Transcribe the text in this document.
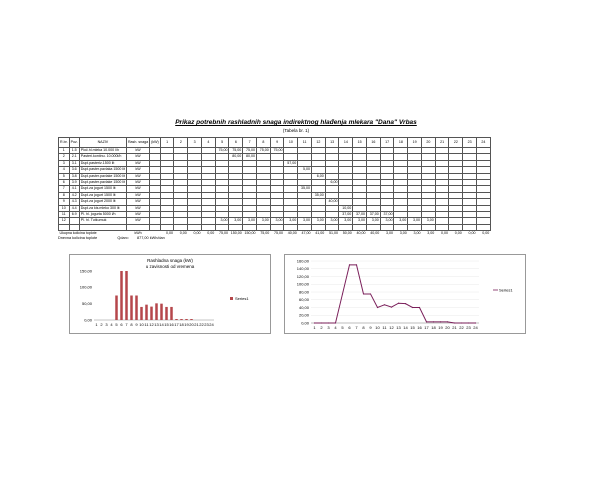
Prikaz potrebnih rashladnih snaga indirektnog hlađenja mlekara "Dana" Vrbas
(Tabela br. 1)
R.br.	Poz.	NAZIV	Rash. snaga	(kW)	1	2	3	4	5	6	7	8	9	10	11	12	13	14	15	16	17	18	19	20	21	22	23	24
1	1.5	Ploč.hl.mleka 10.000 l/h	kW						75,00	75,00	75,00	75,00	75,00															
2	2.1	Pasteri.kontinu. 10.000l/h	kW							80,00	80,00																	
3	3.1	Dupl.pasteriz.1500 lit	kW											57,00														
4	3.6	Dupl.paster.pavlaka 1500 lit	kW												5,00													
5	3.8	Dupl.paster.pavlake 1500 lit	kW													6,00												
6	3.9	Dupl.paster.pavlake 1500 lit	kW														6,00											
7	4.1	Dupl.za jogurt 1500 lit	kW												35,00													
8	4.2	Dupl.za jogurt 1500 lit	kW													35,00												
9	4.3	Dupl.za jogurt 2000 lit	kW														40,00											
10	4.4	Dupl.za kis.mleko 300 lit	kW															10,00										
11	6.9	Pl. hl. jogurta 5000 l/h	kW															37,00	37,00	37,00	37,00							
12		Pl. hl. Tutkumuk	kW						3,00	3,00	3,00	3,00	3,00	3,00	3,00	3,00	3,00	3,00	3,00	3,00	3,00	3,00	3,00	3,00				

Ukupna kolicina toplote			kWh		0,00	0,00	0,00	0,00	75,00	150,00	150,00	75,00	75,00	40,00	47,00	41,00	51,00	50,00	40,00	40,00	3,00	3,00	3,00	3,00	0,00	0,00	0,00	0,00
Dnevna kolicina toplote	Qdan= 877,00 kWh/dan
Rashladna snaga (kW)
u zavisnosti od vremena
0,00
50,00
100,00
150,00
1 2 3 4 5 6 7 8 9 10 11 12 13 14 15 16 17 18 19 20 21 22 23 24
Series1
0,00
20,00
40,00
60,00
80,00
100,00
120,00
140,00
160,00
1 2 3 4 5 6 7 8 9 10 11 12 13 14 15 16 17 18 19 20 21 22 23 24
Series1
